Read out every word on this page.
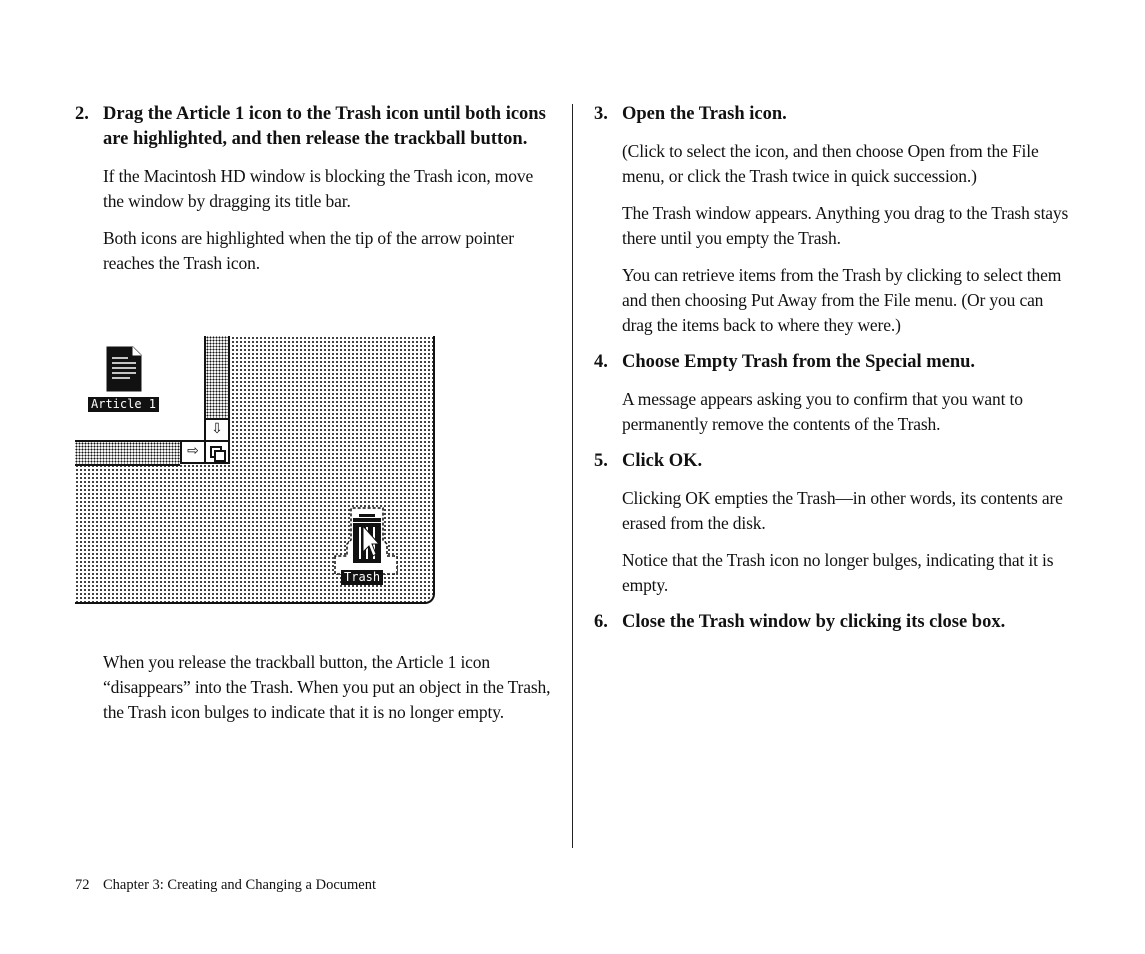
2. Drag the Article 1 icon to the Trash icon until both icons are highlighted, and then release the trackball button.

If the Macintosh HD window is blocking the Trash icon, move the window by dragging its title bar.

Both icons are highlighted when the tip of the arrow pointer reaches the Trash icon.

⇩
⇨
Trash
Article 1

When you release the trackball button, the Article 1 icon “disappears” into the Trash. When you put an object in the Trash, the Trash icon bulges to indicate that it is no longer empty.

3. Open the Trash icon.

(Click to select the icon, and then choose Open from the File menu, or click the Trash twice in quick succession.)

The Trash window appears. Anything you drag to the Trash stays there until you empty the Trash.

You can retrieve items from the Trash by clicking to select them and then choosing Put Away from the File menu. (Or you can drag the items back to where they were.)

4. Choose Empty Trash from the Special menu.

A message appears asking you to confirm that you want to permanently remove the contents of the Trash.

5. Click OK.

Clicking OK empties the Trash—in other words, its contents are erased from the disk.

Notice that the Trash icon no longer bulges, indicating that it is empty.

6. Close the Trash window by clicking its close box.

72 Chapter 3: Creating and Changing a Document
